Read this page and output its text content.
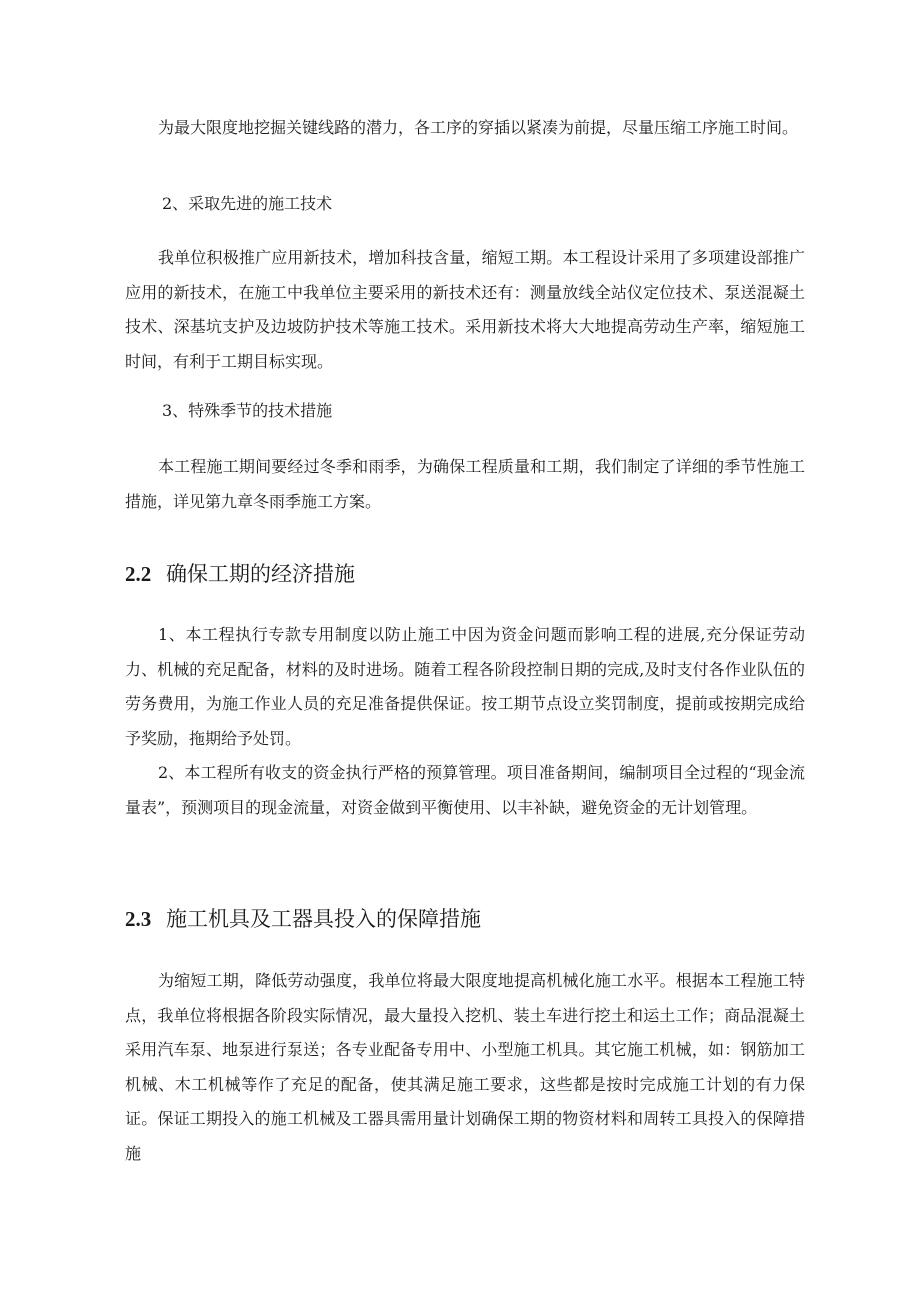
为最大限度地挖掘关键线路的潜力，各工序的穿插以紧凑为前提，尽量压缩工序施工时间。

2、采取先进的施工技术

我单位积极推广应用新技术，增加科技含量，缩短工期。本工程设计采用了多项建设部推广应用的新技术，在施工中我单位主要采用的新技术还有：测量放线全站仪定位技术、泵送混凝土技术、深基坑支护及边坡防护技术等施工技术。采用新技术将大大地提高劳动生产率，缩短施工时间，有利于工期目标实现。

3、特殊季节的技术措施

本工程施工期间要经过冬季和雨季，为确保工程质量和工期，我们制定了详细的季节性施工措施，详见第九章冬雨季施工方案。

2.2 确保工期的经济措施

1、本工程执行专款专用制度以防止施工中因为资金问题而影响工程的进展,充分保证劳动力、机械的充足配备，材料的及时进场。随着工程各阶段控制日期的完成,及时支付各作业队伍的劳务费用，为施工作业人员的充足准备提供保证。按工期节点设立奖罚制度，提前或按期完成给予奖励，拖期给予处罚。

2、本工程所有收支的资金执行严格的预算管理。项目准备期间，编制项目全过程的“现金流量表”，预测项目的现金流量，对资金做到平衡使用、以丰补缺，避免资金的无计划管理。

2.3 施工机具及工器具投入的保障措施

为缩短工期，降低劳动强度，我单位将最大限度地提高机械化施工水平。根据本工程施工特点，我单位将根据各阶段实际情况，最大量投入挖机、装土车进行挖土和运土工作；商品混凝土采用汽车泵、地泵进行泵送；各专业配备专用中、小型施工机具。其它施工机械，如：钢筋加工机械、木工机械等作了充足的配备，使其满足施工要求，这些都是按时完成施工计划的有力保证。保证工期投入的施工机械及工器具需用量计划确保工期的物资材料和周转工具投入的保障措施
